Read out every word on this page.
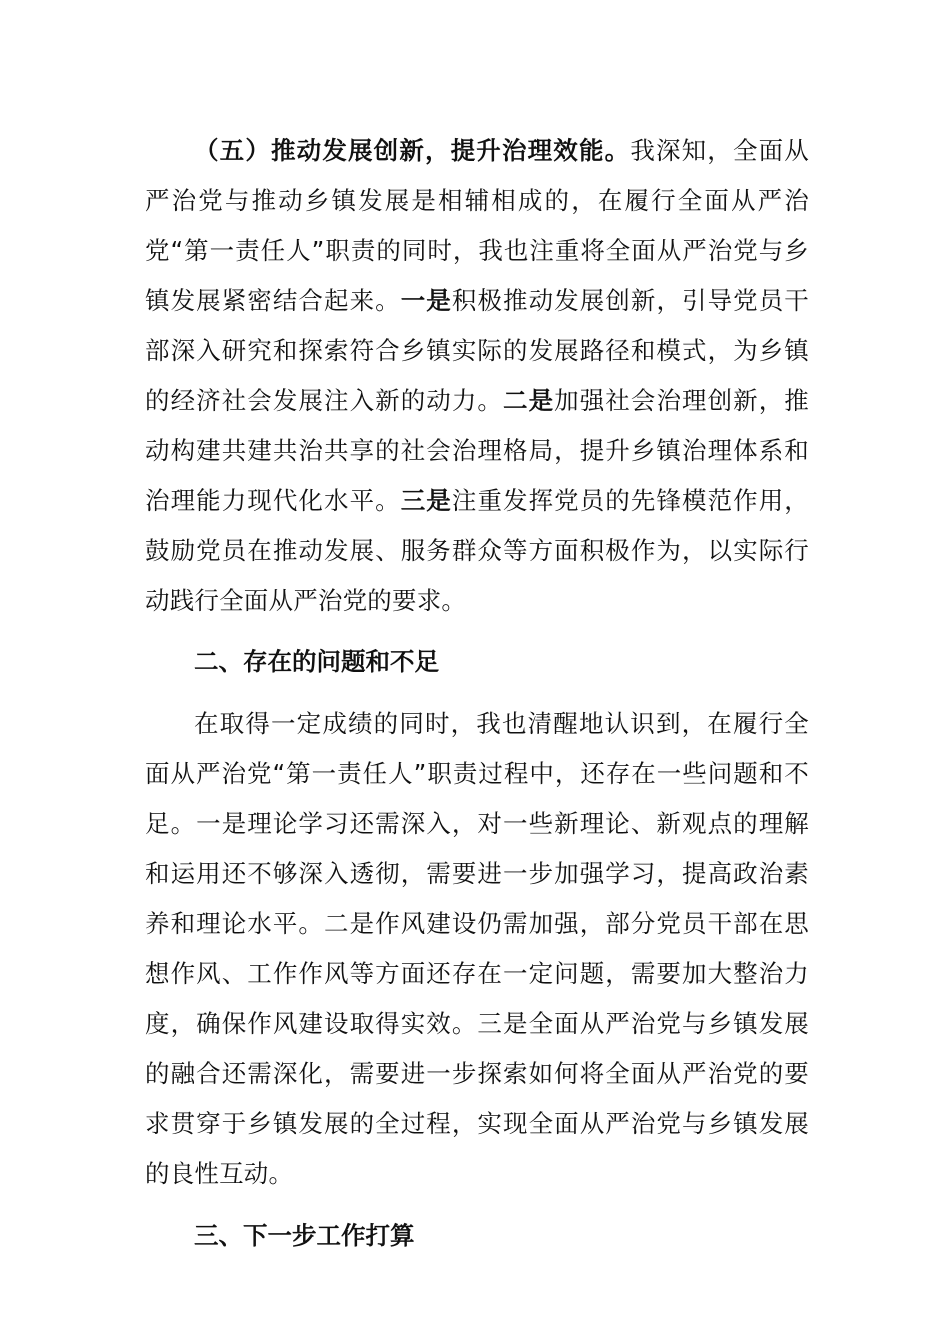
（五）推动发展创新，提升治理效能。我深知，全面从严治党与推动乡镇发展是相辅相成的，在履行全面从严治党“第一责任人”职责的同时，我也注重将全面从严治党与乡镇发展紧密结合起来。一是积极推动发展创新，引导党员干部深入研究和探索符合乡镇实际的发展路径和模式，为乡镇的经济社会发展注入新的动力。二是加强社会治理创新，推动构建共建共治共享的社会治理格局，提升乡镇治理体系和治理能力现代化水平。三是注重发挥党员的先锋模范作用，鼓励党员在推动发展、服务群众等方面积极作为，以实际行动践行全面从严治党的要求。

二、存在的问题和不足

在取得一定成绩的同时，我也清醒地认识到，在履行全面从严治党“第一责任人”职责过程中，还存在一些问题和不足。一是理论学习还需深入，对一些新理论、新观点的理解和运用还不够深入透彻，需要进一步加强学习，提高政治素养和理论水平。二是作风建设仍需加强，部分党员干部在思想作风、工作作风等方面还存在一定问题，需要加大整治力度，确保作风建设取得实效。三是全面从严治党与乡镇发展的融合还需深化，需要进一步探索如何将全面从严治党的要求贯穿于乡镇发展的全过程，实现全面从严治党与乡镇发展的良性互动。

三、下一步工作打算
